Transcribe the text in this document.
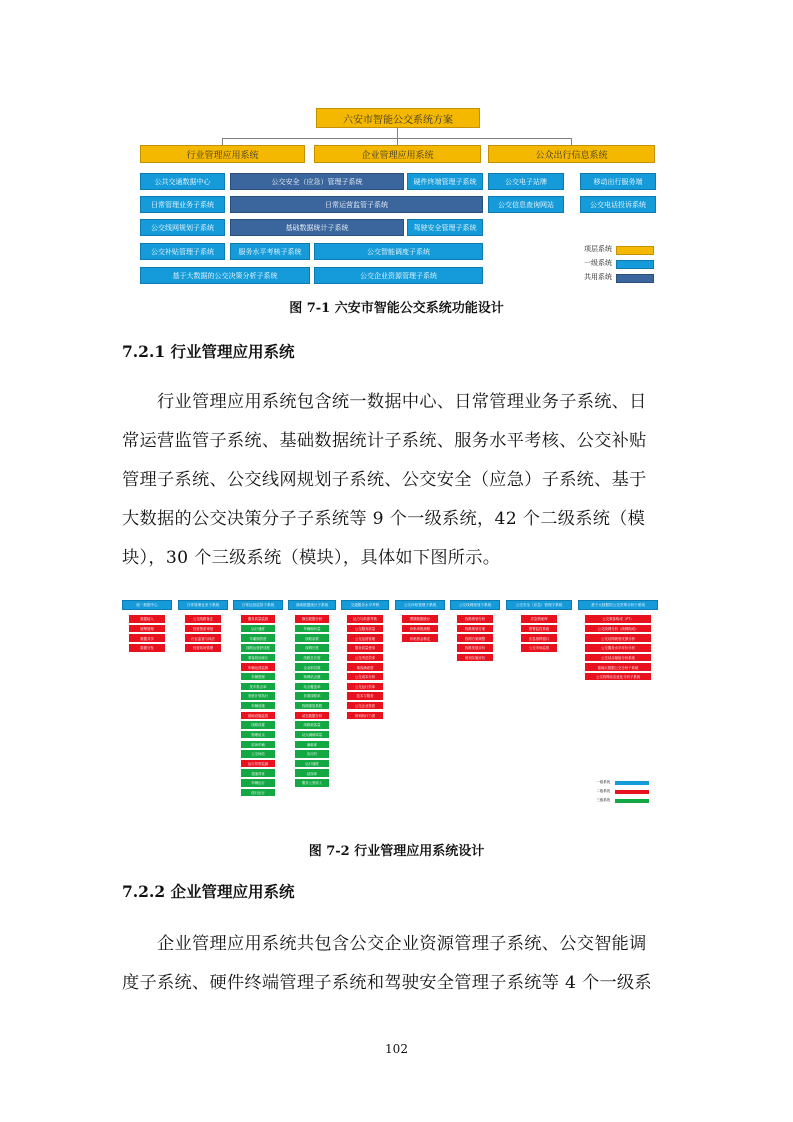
六安市智能公交系统方案
行业管理应用系统	企业管理应用系统	公众出行信息系统
公共交通数据中心	公交安全（应急）管理子系统	硬件终端管理子系统	公交电子站牌	移动出行服务端
日常管理业务子系统	日常运营监管子系统	公交信息查询网站	公交电话投诉系统
公交线网规划子系统	基础数据统计子系统	驾驶安全管理子系统
公交补贴管理子系统	服务水平考核子系统	公交智能调度子系统
基于大数据的公交决策分析子系统	公交企业资源管理子系统
项层系统
一级系统
共用系统
图 7-1 六安市智能公交系统功能设计
7.2.1 行业管理应用系统
行业管理应用系统包含统一数据中心、日常管理业务子系统、日
常运营监管子系统、基础数据统计子系统、服务水平考核、公交补贴
管理子系统、公交线网规划子系统、公交安全（应急）子系统、基于
大数据的公交决策分子子系统等 9 个一级系统，42 个二级系统（模
块），30 个三级系统（模块），具体如下图所示。
统一数据中心
数据接入
统筹管理
数据共享
数据分发
日常管理业务子系统
公交线路备注
经营资质审批
行业监管与执法
经营站场管理
日常运营监管子系统
服务质量监督
运行速度
车厢拥挤度
线路运营舒适度
乘客投诉统计
车辆运营监督
车辆管理
发车准点率
发班计划执行
车辆设施
基础设施监管
线路设置
物理站点
站场车辆
公交场站
运行异常监测
超速异常
车辆运行
绕行运行
基础数据统计子系统
静态数据分析
车辆拥有量
线路条数
线网长度
线路总长度
企业职员数
物理站点数
站点覆盖率
非重线路率
线网重复系数
动态数据分析
线路载客量
站点满载率量
满载率
出行时
运行速度
延误率
服务公里收入
交通服务水平考核
运力与供需考核
公交服务质量
公交运营管理
服务质量使用
公交考虑效率
乘客满意度
公交成本分析
公交运行效率
技术与服务
公交企业资质
规划执行力度
公交补贴管理子系统
票额数据统计
补贴申报流程
补贴资金核定
公交线网规划子系统
线路规划分析
线路规划方案
线网方案调整
线路发展评价
规划实施评价
公交安全（应急）管理子系统
应急预案库
报警监控系统
应急指挥窗口
公交市场监管
基于大数据的公交决策分析子系统
公交乘客构成（PT）
公交线网分析（线网构成）
公交站网规划支撑分析
公交服务水平评价分析
公交站点辐射分析系统
基础大数据公交分析子系统
公交线网动态优化分析子系统
一级系统
二级系统
三级系统
图 7-2 行业管理应用系统设计
7.2.2 企业管理应用系统
企业管理应用系统共包含公交企业资源管理子系统、公交智能调
度子系统、硬件终端管理子系统和驾驶安全管理子系统等 4 个一级系
102
